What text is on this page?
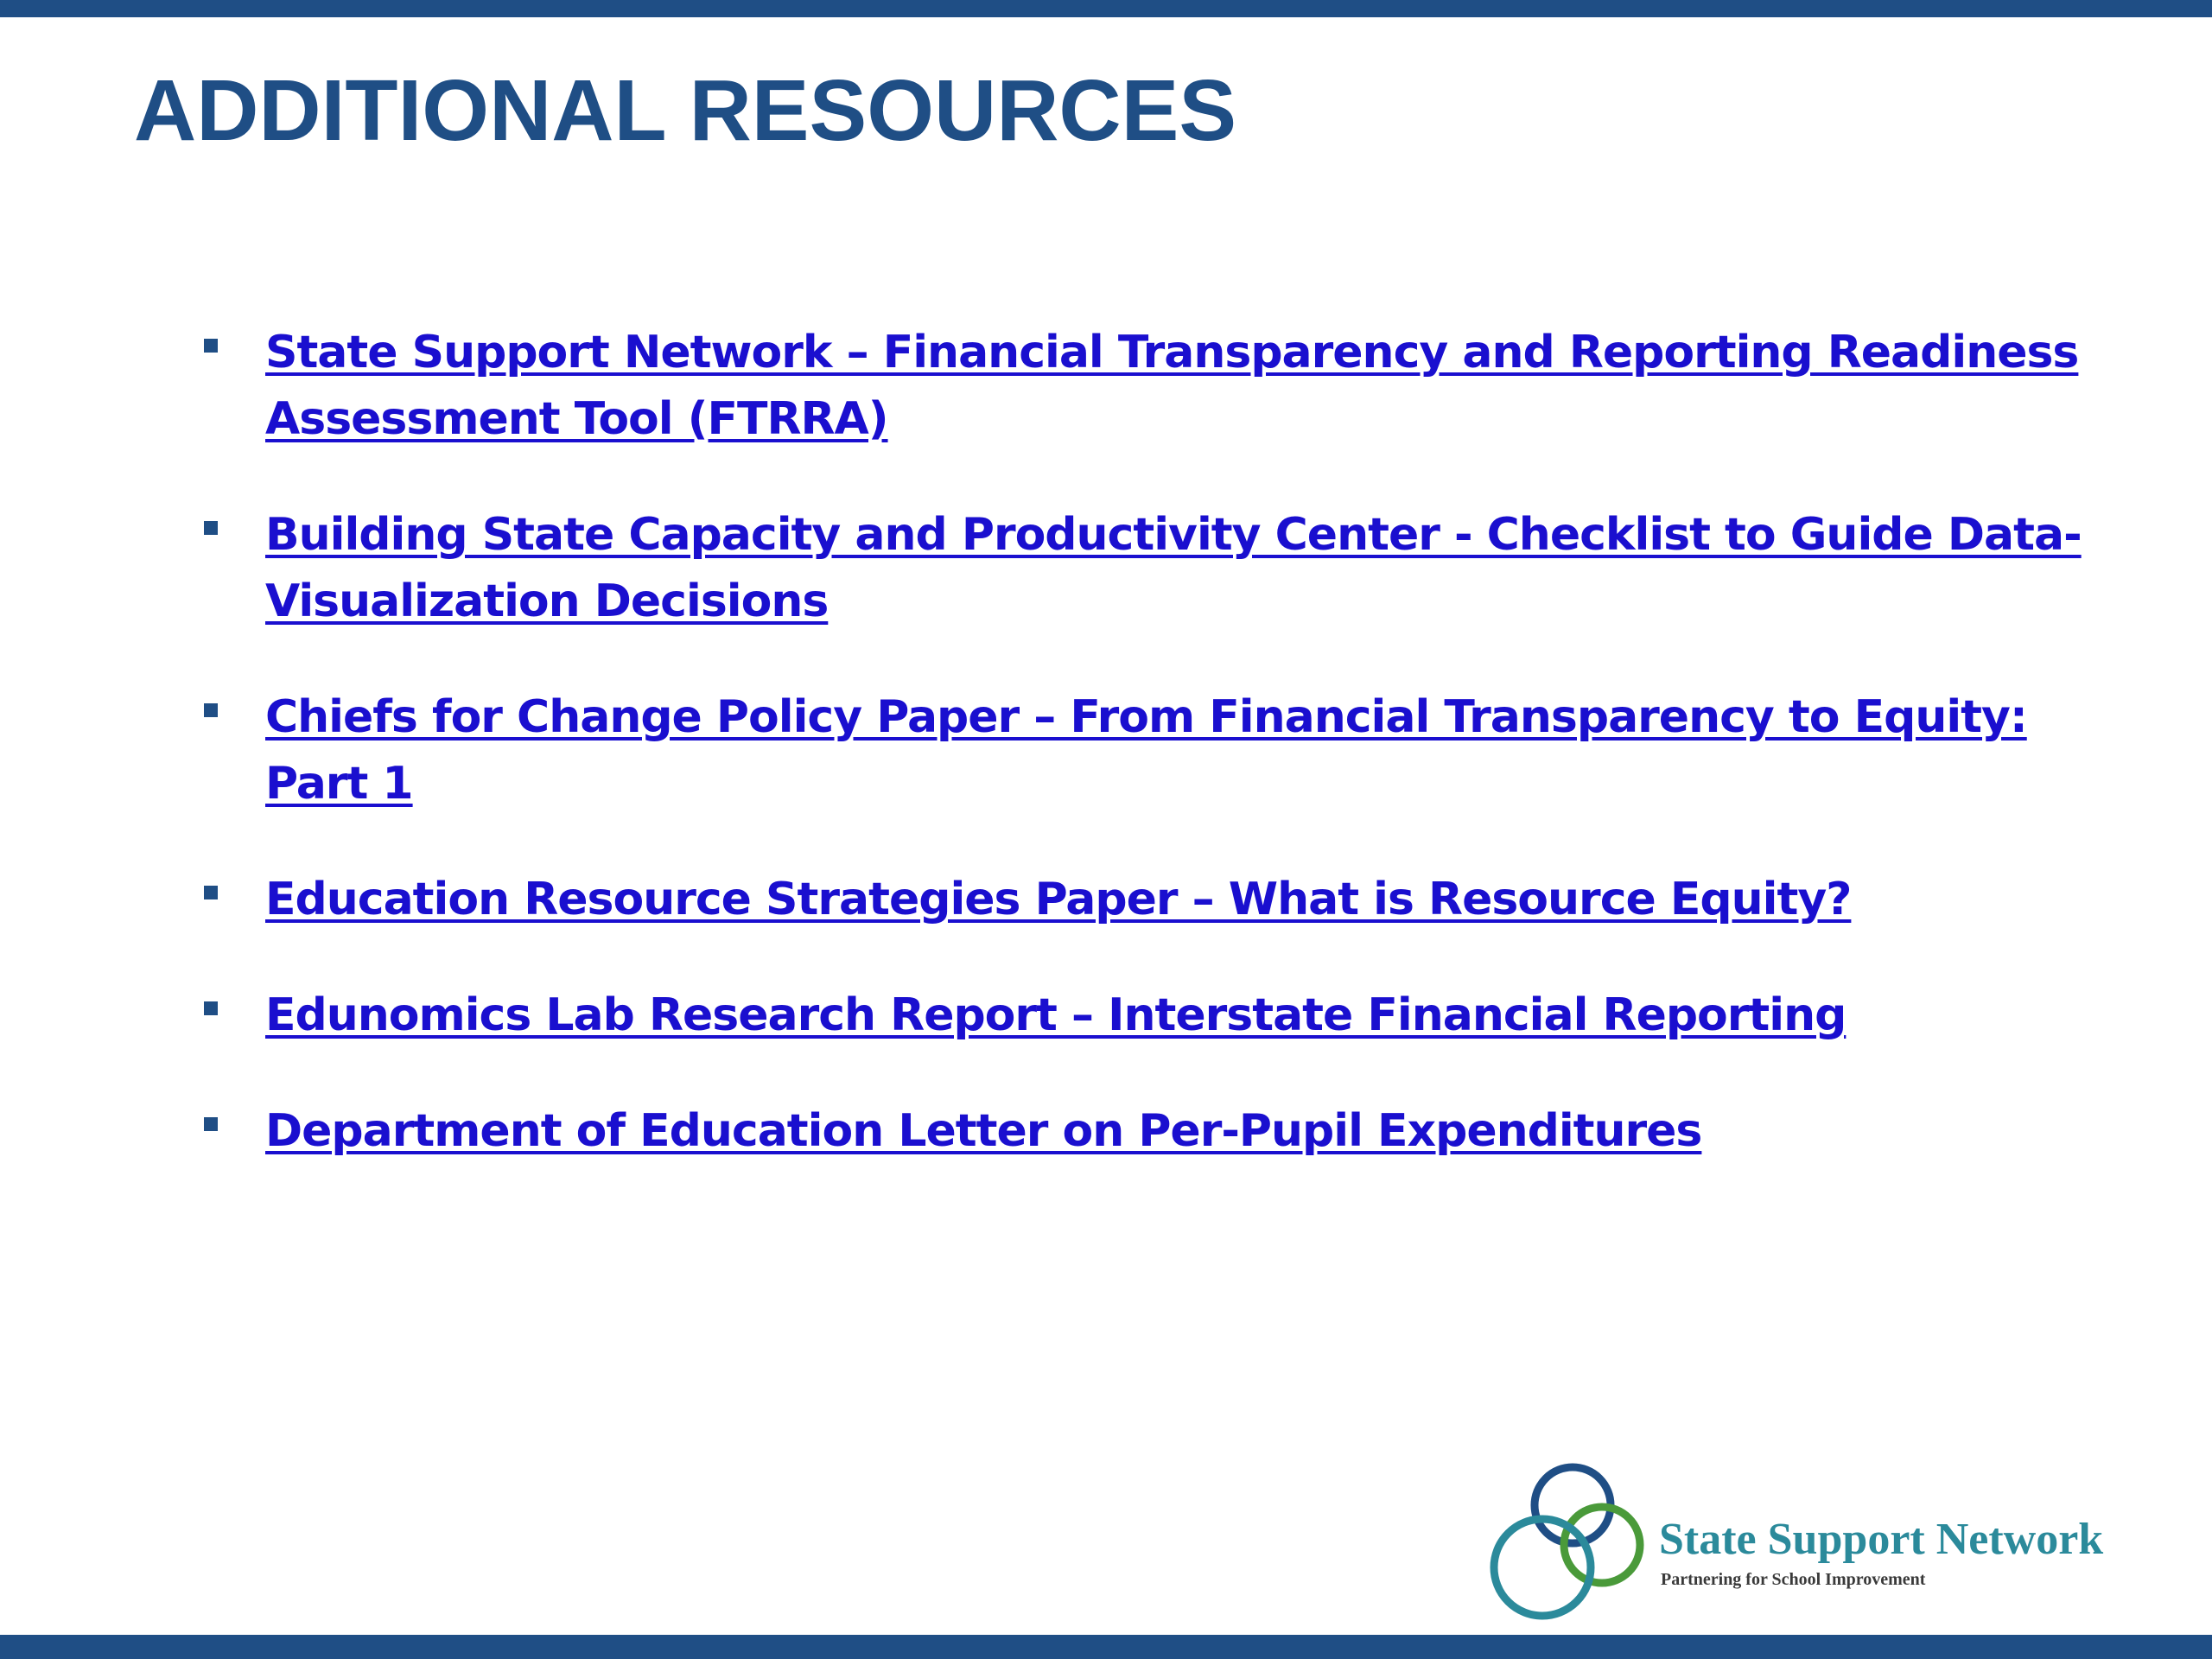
ADDITIONAL RESOURCES
State Support Network – Financial Transparency and Reporting Readiness Assessment Tool (FTRRA)
Building State Capacity and Productivity Center - Checklist to Guide Data-Visualization Decisions
Chiefs for Change Policy Paper – From Financial Transparency to Equity: Part 1
Education Resource Strategies Paper – What is Resource Equity?
Edunomics Lab Research Report – Interstate Financial Reporting
Department of Education Letter on Per-Pupil Expenditures
State Support Network
Partnering for School Improvement
